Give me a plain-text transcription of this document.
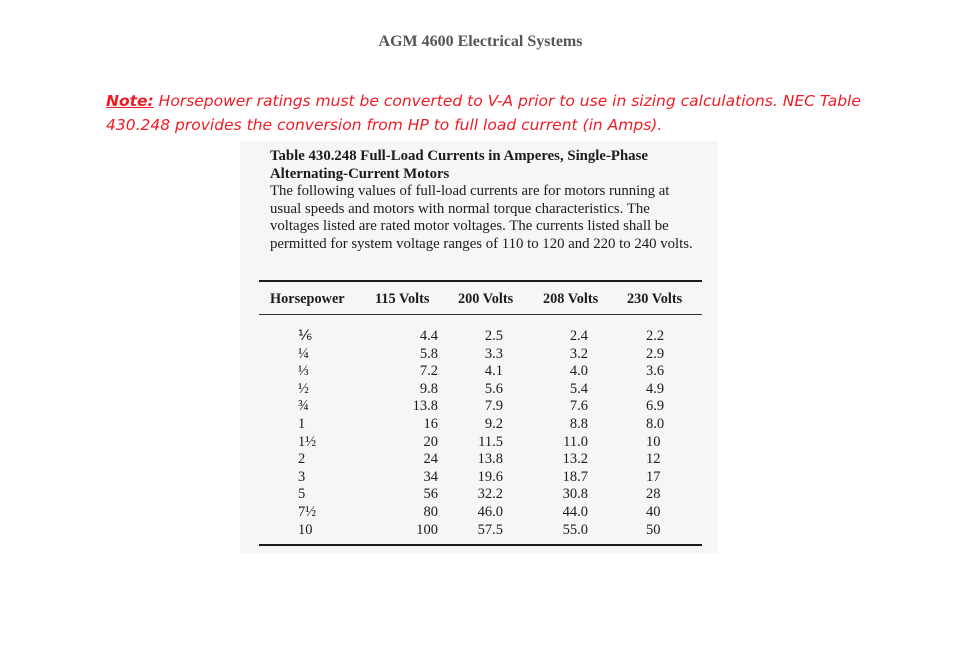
AGM 4600 Electrical Systems
Note: Horsepower ratings must be converted to V-A prior to use in sizing calculations. NEC Table 430.248 provides the conversion from HP to full load current (in Amps).
Table 430.248 Full-Load Currents in Amperes, Single-Phase Alternating-Current Motors
The following values of full-load currents are for motors running at usual speeds and motors with normal torque characteristics. The voltages listed are rated motor voltages. The currents listed shall be permitted for system voltage ranges of 110 to 120 and 220 to 240 volts.
Horsepower 115 Volts 200 Volts 208 Volts 230 Volts
⅙
¼
⅓
½
¾
1
1½
2
3
5
7½
10
4.4
5.8
7.2
9.8
13.8
16
20
24
34
56
80
100
2.5
3.3
4.1
5.6
7.9
9.2
11.5
13.8
19.6
32.2
46.0
57.5
2.4
3.2
4.0
5.4
7.6
8.8
11.0
13.2
18.7
30.8
44.0
55.0
2.2
2.9
3.6
4.9
6.9
8.0
10
12
17
28
40
50
